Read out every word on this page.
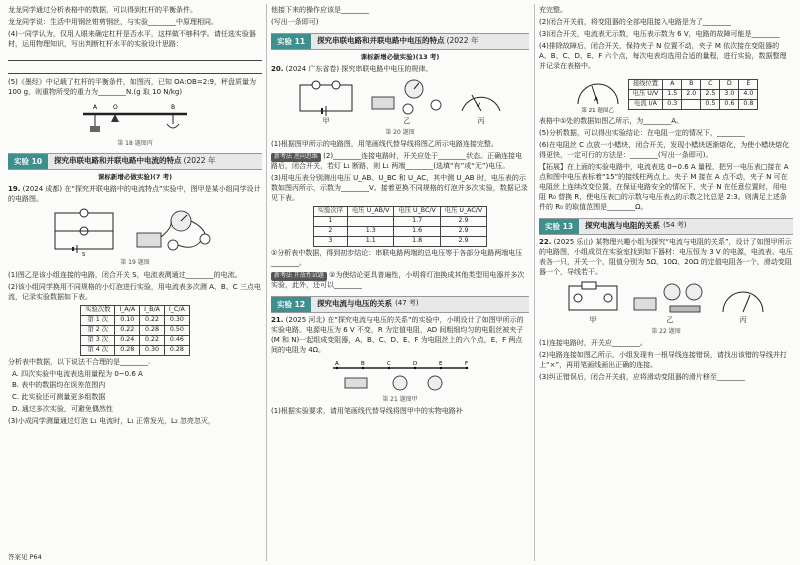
龙龙同学通过分析表格中的数据，可以得到杠杆的平衡条件。

龙龙同学说：生活中用钢丝钳剪钢丝，与实验________中原理相同。

(4)一同学认为，仅用人眼来确定杠杆是否水平，这样做不够科学。请任选实验器材，运用物理知识，写出判断杠杆水平的实验设计思路：

(5)《墨经》中记载了杠杆的平衡条件，如图丙，已知 OA:OB=2:9，秤盘质量为100 g，则重物所受的重力为________N.(g 取 10 N/kg)

O
A	B
第 18 题图丙
实验 10	探究串联电路和并联电路中电流的特点 (2022 年
课标新增必做实验)(7 考)

19. (2024 成都) 在“探究并联电路中的电流特点”实验中，图甲是某小组同学设计的电路图。

S
第 19 题图

(1)图乙是该小组连接的电路，闭合开关 S，电流表测通过________的电流。

(2)该小组同学换用不同规格的小灯泡进行实验，用电流表多次测 A、B、C 三点电流，记录实验数据如下表。

实验次数	I_A/A	I_B/A	I_C/A
第 1 次	0.10	0.22	0.30
第 2 次	0.22	0.28	0.50
第 3 次	0.24	0.22	0.46
第 4 次	0.28	0.30	0.28

分析表中数据，以下说法不合理的是________.

A. 四次实验中电流表选用量程为 0~0.6 A

B. 表中的数据均在误差范围内

C. 此实验还可测量更多组数据

D. 通过多次实验，可避免偶然性

(3)小成同学测量通过灯泡 L₁ 电流时，L₁ 正常发光，L₂ 忽亮忽灭，

答案见 P64

他接下来的操作应该是________

(写出一条即可)

实验 11	探究串联电路和并联电路中电压的特点 (2022 年
课标新增必做实验)(13 考)

20. (2024 广东省卷) 探究串联电路中电压的规律。

甲	乙
V
丙
第 20 题图

(1)根据图甲所示的电路图，用笔画线代替导线将图乙所示电路连接完整。

新考法 逆向思维 (2)________连接电路时，开关应处于________状态。正确连接电路后，闭合开关，若灯 L₁ 断路，则 L₁ 两端________(选填“有”或“无”)电压。

(3)用电压表分别测出电压 U_AB、U_BC 和 U_AC，其中测 U_AB 时，电压表的示数如图丙所示，示数为________V。接着更换不同规格的灯泡并多次实验，数据记录见下表。

实验次序	电压 U_AB/V	电压 U_BC/V	电压 U_AC/V
1		1.7	2.9
2	1.3	1.6	2.9
3	1.1	1.8	2.9

①分析表中数据，得到初步结论：串联电路两端的总电压等于各部分电路两端电压________。

新考法 开放性试题 ②为使结论更具普遍性，小明将灯泡换成其他类型用电器并多次实验，此外，还可以________

实验 12	探究电流与电压的关系 (47 考)

21. (2025 河北) 在“探究电流与电压的关系”的实验中，小明设计了如图甲所示的实验电路。电源电压为 6 V 不变，R 为定值电阻，AD 间粗细均匀的电阻丝被夹子(M 和 N)一起组成变阻器，A、B、C、D、E、F 为电阻丝上的六个点，E、F 两点间的电阻为 4Ω。

A	B	C	D	E	F
第 21 题图甲

(1)根据实验要求，请用笔画线代替导线将图甲中的实物电路补

充完整。

(2)闭合开关前，将变阻器的全部电阻接入电路是为了________

(3)闭合开关，电流表无示数，电压表示数为 6 V，电路的故障可能是________

(4)排除故障后，闭合开关，保持夹子 N 位置不动，夹子 M 依次接在变阻器的 A、B、C、D、E、F 六个点，每次电表均选用合适的量程，进行实验，数据整理并记录在表格中。

A
第 21 题图乙
接线位置	A	B	C	D	E
电压 U/V	1.5	2.0	2.5	3.0	4.0
电流 I/A	0.3		0.5	0.6	0.8

表格中①处的数据如图乙所示，为________A。

(5)分析数据，可以得出实验结论：在电阻一定的情况下，________

(6)在电阻丝 C 点放一小蜡块，闭合开关，发现小蜡块逐渐熔化，为使小蜡块熔化得更快，一定可行的方法是：________(写出一条即可)。

【拓展】在上面的实验电路中，电流表选 0~0.6 A 量程，把另一电压表□接在 A 点和图中电压表标着“15”的接线柱两点上。夹子 M 接在 A 点不动，夹子 N 可在电阻丝上连续改变位置，在保证电路安全的情况下，夹子 N 在任意位置时，用电阻 R₀ 替换 R，使电压表□的示数与电压表△的示数之比总是 2:3。则满足上述条件的 R₀ 的取值范围是________Ω。

实验 13	探究电流与电阻的关系 (54 考)

22. (2025 乐山) 某物理兴趣小组为探究“电流与电阻的关系”，设计了如图甲所示的电路图，小组成员在实验室找到如下器材：电压恒为 3 V 的电源，电流表、电压表各一只，开关一个，阻值分别为 5Ω、10Ω、20Ω 的定值电阻各一个，滑动变阻器一个，导线若干。

甲	乙	丙
第 22 题图

(1)连接电路时，开关应________。

(2)电路连接如图乙所示，小组发现有一根导线连接错误，请找出该错的导线并打上“×”，再用笔画线画出正确的连接。

(3)纠正错误后，闭合开关前，应将滑动变阻器的滑片移至________
